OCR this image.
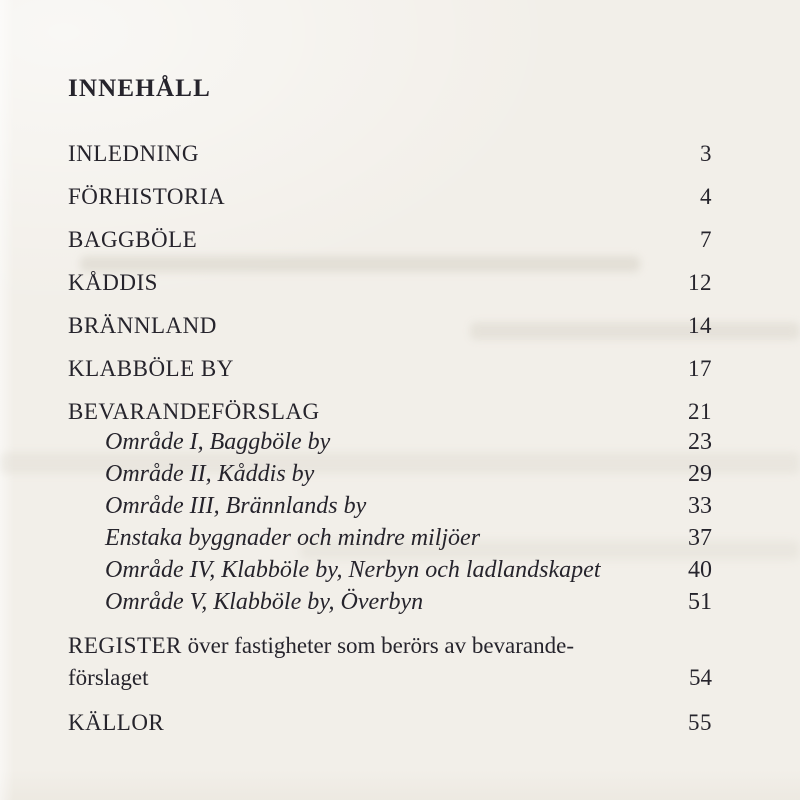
INNEHÅLL
INLEDNING	3
FÖRHISTORIA	4
BAGGBÖLE	7
KÅDDIS	12
BRÄNNLAND	14
KLABBÖLE BY	17
BEVARANDEFÖRSLAG	21
Område I, Baggböle by	23
Område II, Kåddis by	29
Område III, Brännlands by	33
Enstaka byggnader och mindre miljöer	37
Område IV, Klabböle by, Nerbyn och ladlandskapet	40
Område V, Klabböle by, Överbyn	51
REGISTER över fastigheter som berörs av bevarande-
förslaget	54
KÄLLOR	55
